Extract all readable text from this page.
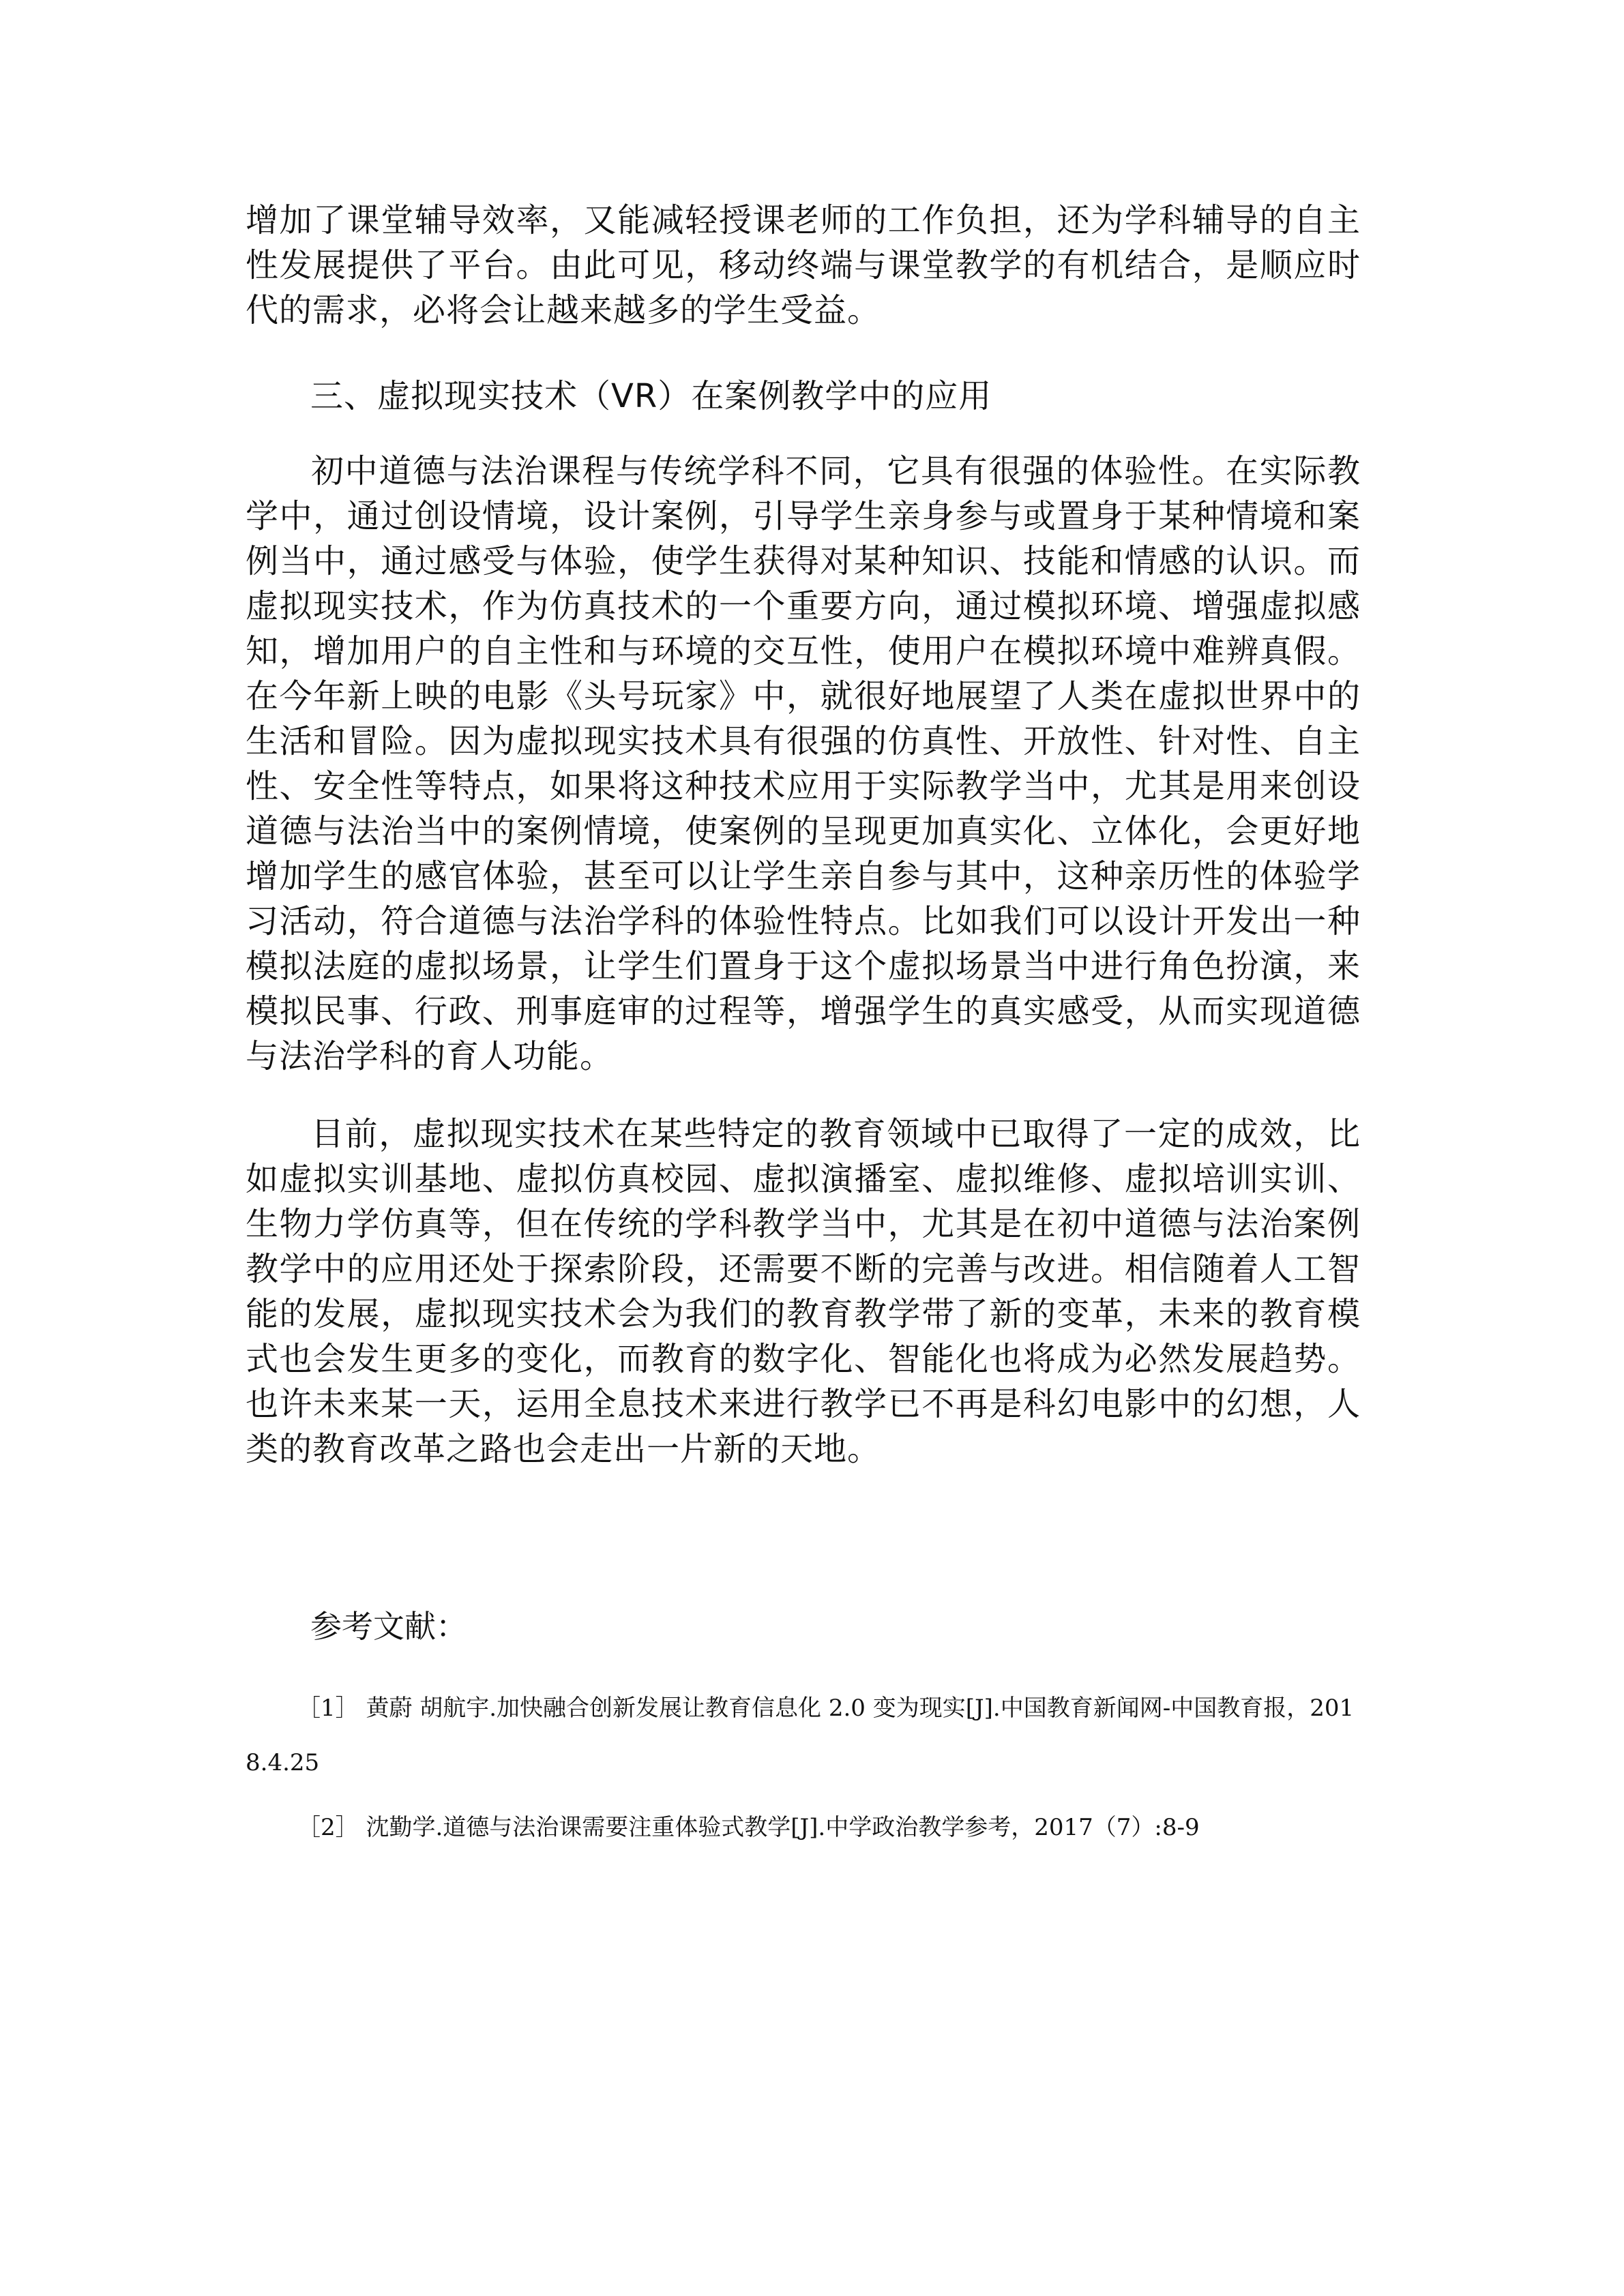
增加了课堂辅导效率，又能减轻授课老师的工作负担，还为学科辅导的自主性发展提供了平台。由此可见，移动终端与课堂教学的有机结合，是顺应时代的需求，必将会让越来越多的学生受益。

三、虚拟现实技术（VR）在案例教学中的应用

初中道德与法治课程与传统学科不同，它具有很强的体验性。在实际教学中，通过创设情境，设计案例，引导学生亲身参与或置身于某种情境和案例当中，通过感受与体验，使学生获得对某种知识、技能和情感的认识。而虚拟现实技术，作为仿真技术的一个重要方向，通过模拟环境、增强虚拟感知，增加用户的自主性和与环境的交互性，使用户在模拟环境中难辨真假。在今年新上映的电影《头号玩家》中，就很好地展望了人类在虚拟世界中的生活和冒险。因为虚拟现实技术具有很强的仿真性、开放性、针对性、自主性、安全性等特点，如果将这种技术应用于实际教学当中，尤其是用来创设道德与法治当中的案例情境，使案例的呈现更加真实化、立体化，会更好地增加学生的感官体验，甚至可以让学生亲自参与其中，这种亲历性的体验学习活动，符合道德与法治学科的体验性特点。比如我们可以设计开发出一种模拟法庭的虚拟场景，让学生们置身于这个虚拟场景当中进行角色扮演，来模拟民事、行政、刑事庭审的过程等，增强学生的真实感受，从而实现道德与法治学科的育人功能。

目前，虚拟现实技术在某些特定的教育领域中已取得了一定的成效，比如虚拟实训基地、虚拟仿真校园、虚拟演播室、虚拟维修、虚拟培训实训、生物力学仿真等，但在传统的学科教学当中，尤其是在初中道德与法治案例教学中的应用还处于探索阶段，还需要不断的完善与改进。相信随着人工智能的发展，虚拟现实技术会为我们的教育教学带了新的变革，未来的教育模式也会发生更多的变化，而教育的数字化、智能化也将成为必然发展趋势。也许未来某一天，运用全息技术来进行教学已不再是科幻电影中的幻想，人类的教育改革之路也会走出一片新的天地。

参考文献：

［1］ 黄蔚 胡航宇.加快融合创新发展让教育信息化 2.0 变为现实[J].中国教育新闻网-中国教育报，2018.4.25

［2］ 沈勤学.道德与法治课需要注重体验式教学[J].中学政治教学参考，2017（7）:8-9
